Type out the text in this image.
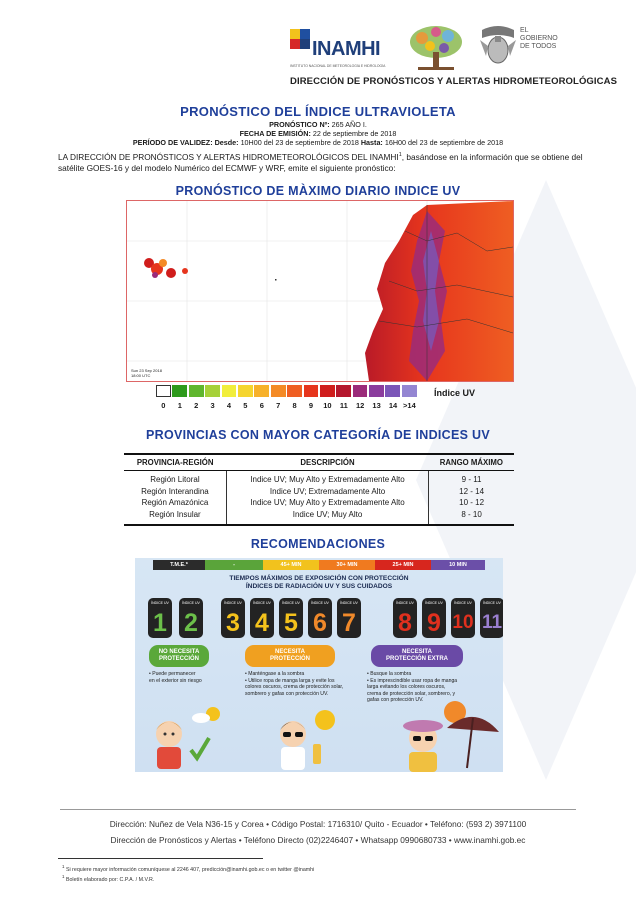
INAMHI
INSTITUTO NACIONAL DE METEOROLOGÍA E HIDROLOGÍA
EL GOBIERNO DE TODOS
DIRECCIÓN DE PRONÓSTICOS Y ALERTAS HIDROMETEOROLÓGICAS
PRONÓSTICO DEL ÍNDICE ULTRAVIOLETA
PRONÓSTICO Nº: 265 AÑO I.
FECHA DE EMISIÓN: 22 de septiembre de 2018
PERÍODO DE VALIDEZ: Desde: 10H00 del 23 de septiembre de 2018 Hasta: 16H00 del 23 de septiembre de 2018
LA DIRECCIÓN DE PRONÓSTICOS Y ALERTAS HIDROMETEOROLÓGICOS DEL INAMHI$^1$, basándose en la información que se obtiene del satélite GOES-16 y del modelo Numérico del ECMWF y WRF, emite el siguiente pronóstico:
PRONÓSTICO DE MÀXIMO DIARIO INDICE UV
Sun 23 Sep 2018
18:00 UTC
Índice UV
0	1	2	3	4	5	6	7	8	9	10	11	12	13	14 >14
PROVINCIAS CON MAYOR CATEGORÍA DE INDICES UV
PROVINCIA-REGIÓN	DESCRIPCIÓN	RANGO MÁXIMO
Región Litoral	Indice UV; Muy Alto y Extremadamente Alto	9 - 11
Región Interandina	Indice UV; Extremadamente Alto	12 - 14
Región Amazónica	Indice UV; Muy Alto y Extremadamente Alto	10 - 12
Región Insular	Indice UV; Muy Alto	8 - 10
RECOMENDACIONES
T.M.E.*	-	45+ MIN	30+ MIN	25+ MIN	10 MIN
TIEMPOS MÁXIMOS DE EXPOSICIÓN CON PROTECCIÓN
ÍNDICES DE RADIACIÓN UV Y SUS CUIDADOS
ÍNDICE UV
1
ÍNDICE UV
2
ÍNDICE UV
3
ÍNDICE UV
4
ÍNDICE UV
5
ÍNDICE UV
6
ÍNDICE UV
7
ÍNDICE UV
8
ÍNDICE UV
9
ÍNDICE UV
10
ÍNDICE UV
11
NO NECESITA
PROTECCIÓN
• Puede permanecer
en el exterior sin riesgo
NECESITA
PROTECCIÓN
• Manténgase a la sombra
• Utilice ropa de manga larga y evite los
colores oscuros, crema de protección solar,
sombrero y gafas con protección UV.
NECESITA
PROTECCIÓN EXTRA
• Busque la sombra
• Es imprescindible usar ropa de manga
larga evitando los colores oscuros,
crema de protección solar, sombrero, y
gafas con protección UV.
Dirección: Nuñez de Vela N36-15 y Corea • Código Postal: 1716310/ Quito - Ecuador • Teléfono: (593 2) 3971100
Dirección de Pronósticos y Alertas • Teléfono Directo (02)2246407 • Whatsapp 0990680733 • www.inamhi.gob.ec
$^1$ Si requiere mayor información comuníquese al 2246 407, predicción@inamhi.gob.ec o en twitter @inamhi
$^1$ Boletín elaborado por: C.P.A. / M.V.R.
